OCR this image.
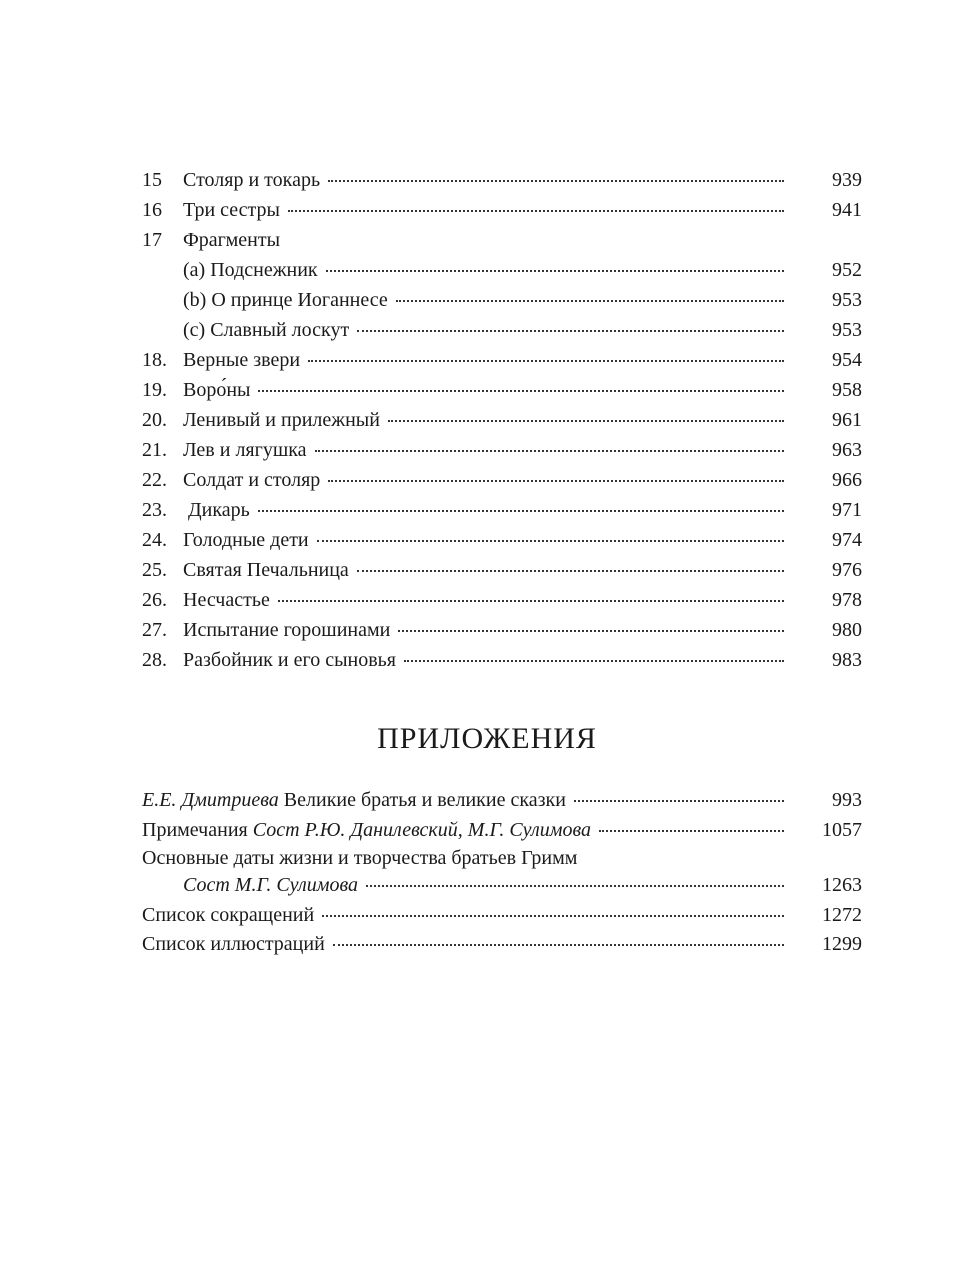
15	Столяр и токарь	939
16	Три сестры	941
17	Фрагменты
(a) Подснежник	952
(b) О принце Иоганнесе	953
(c) Славный лоскут	953
18. Верные звери	954
19. Воро́ны	958
20. Ленивый и прилежный	961
21. Лев и лягушка	963
22. Солдат и столяр	966
23. Дикарь	971
24. Голодные дети	974
25. Святая Печальница	976
26. Несчастье	978
27. Испытание горошинами	980
28. Разбойник и его сыновья	983
ПРИЛОЖЕНИЯ
Е.Е. Дмитриева Великие братья и великие сказки	993
Примечания Сост Р.Ю. Данилевский, М.Г. Сулимова	1057
Основные даты жизни и творчества братьев Гримм
Сост М.Г. Сулимова	1263
Список сокращений	1272
Список иллюстраций	1299
